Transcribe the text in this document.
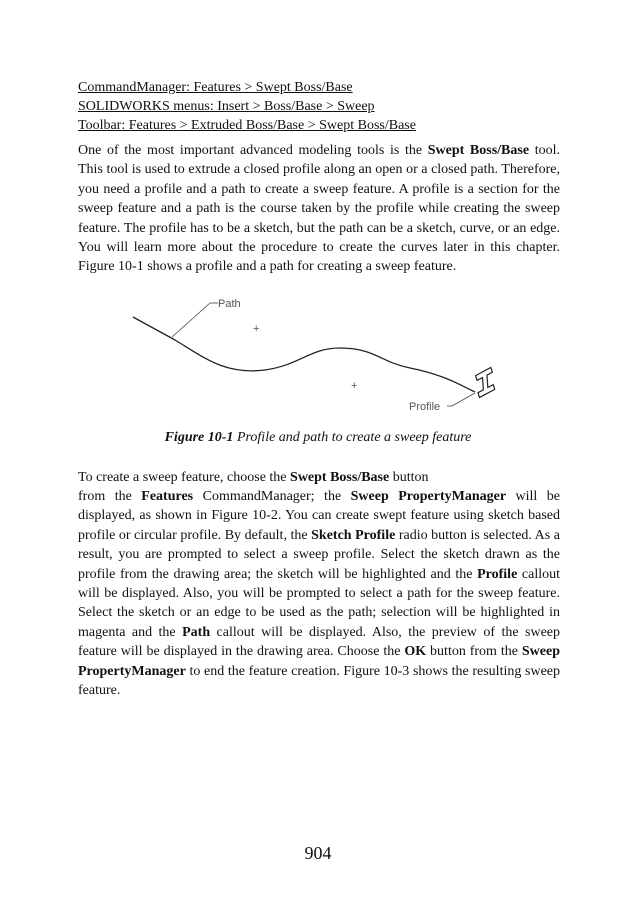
CommandManager: Features > Swept Boss/Base

SOLIDWORKS menus: Insert > Boss/Base > Sweep

Toolbar: Features > Extruded Boss/Base > Swept Boss/Base

One of the most important advanced modeling tools is the Swept Boss/Base tool. This tool is used to extrude a closed profile along an open or a closed path. Therefore, you need a profile and a path to create a sweep feature. A profile is a section for the sweep feature and a path is the course taken by the profile while creating the sweep feature. The profile has to be a sketch, but the path can be a sketch, curve, or an edge. You will learn more about the procedure to create the curves later in this chapter. Figure 10-1 shows a profile and a path for creating a sweep feature.

Path
+
+
Profile
Figure 10-1 Profile and path to create a sweep feature

To create a sweep feature, choose the Swept Boss/Base button

from the Features CommandManager; the Sweep PropertyManager will be displayed, as shown in Figure 10-2. You can create swept feature using sketch based profile or circular profile. By default, the Sketch Profile radio button is selected. As a result, you are prompted to select a sweep profile. Select the sketch drawn as the profile from the drawing area; the sketch will be highlighted and the Profile callout will be displayed. Also, you will be prompted to select a path for the sweep feature. Select the sketch or an edge to be used as the path; selection will be highlighted in magenta and the Path callout will be displayed. Also, the preview of the sweep feature will be displayed in the drawing area. Choose the OK button from the Sweep PropertyManager to end the feature creation. Figure 10-3 shows the resulting sweep feature.

904
